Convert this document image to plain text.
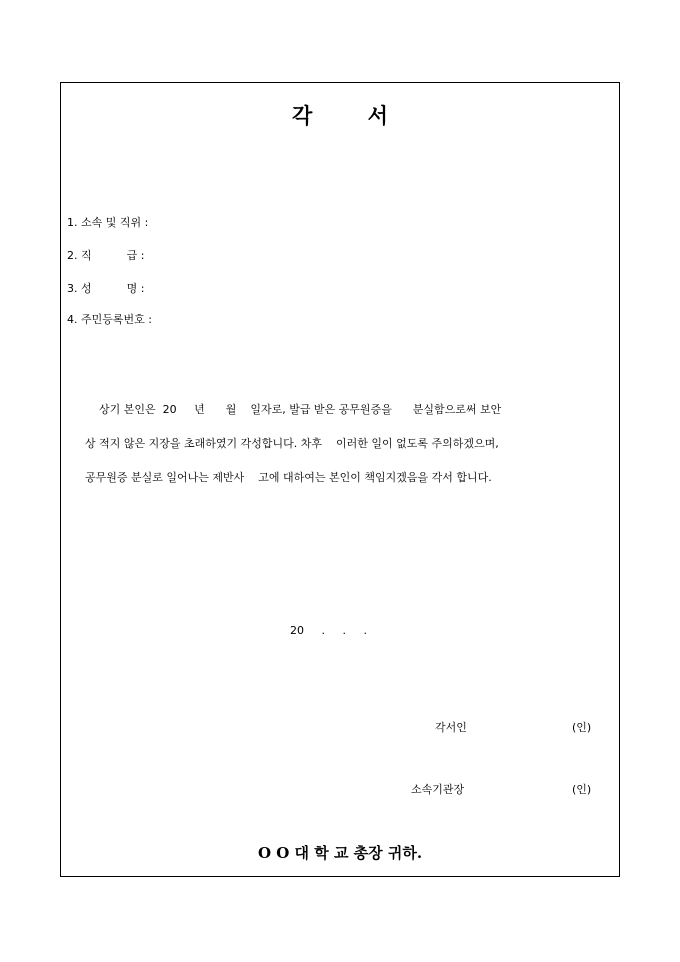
각 서
1. 소속 및 직위 :
2. 직          급 :
3. 성          명 :
4. 주민등록번호 :
상기 본인은  20     년      월    일자로, 발급 받은 공무원증을      분실함으로써 보안
상 적지 않은 지장을 초래하였기 각성합니다. 차후    이러한 일이 없도록 주의하겠으며,
공무원증 분실로 일어나는 제반사    고에 대하여는 본인이 책임지겠음을 각서 합니다.
20     .     .     .
각서인	(인)
소속기관장	(인)
O O 대 학 교 총장 귀하.
